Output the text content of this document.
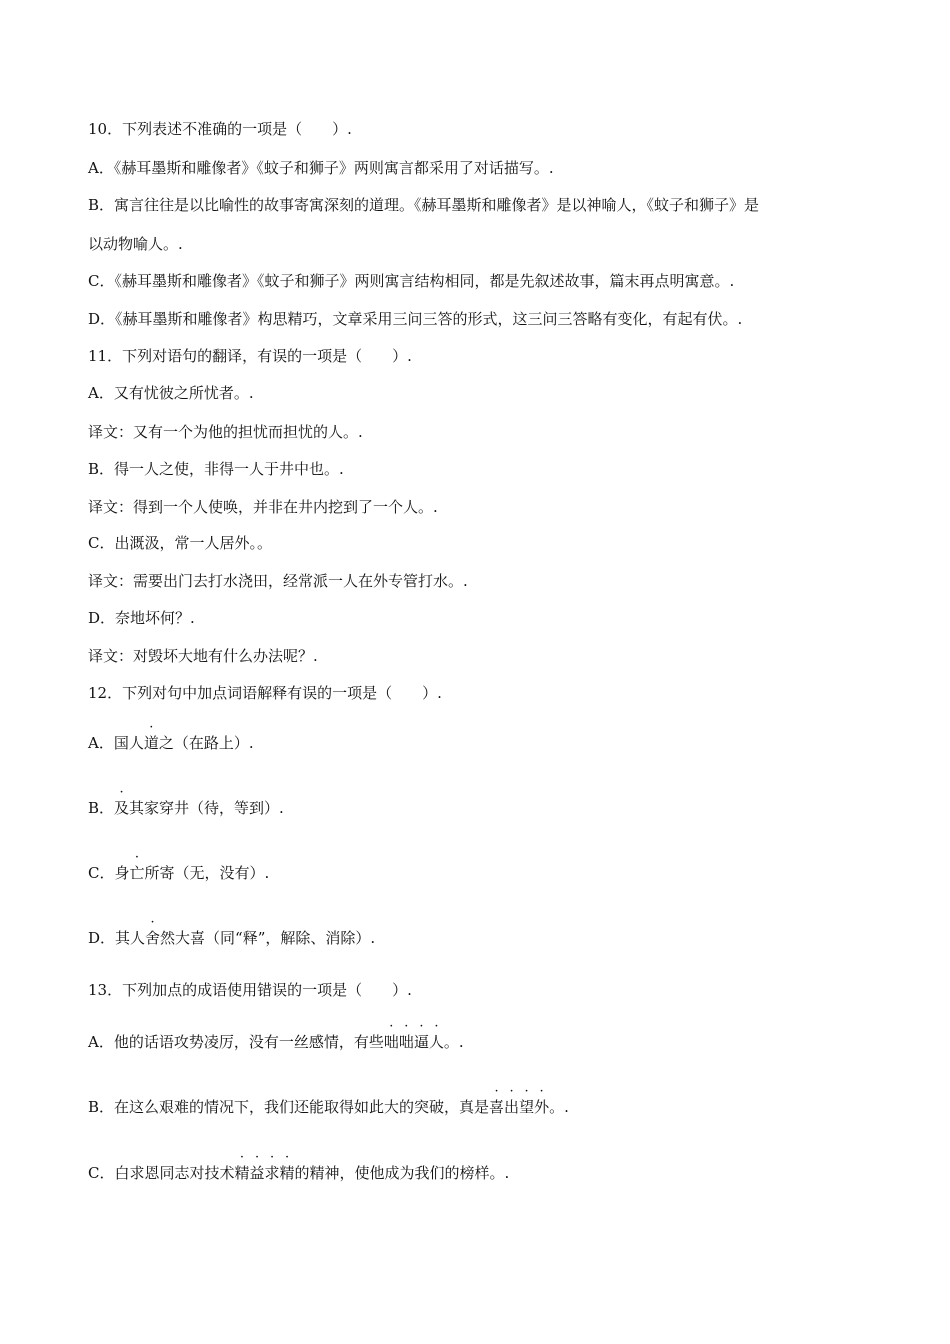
10．下列表述不准确的一项是（　　）.

A．《赫耳墨斯和雕像者》《蚊子和狮子》两则寓言都采用了对话描写。.

B．寓言往往是以比喻性的故事寄寓深刻的道理。《赫耳墨斯和雕像者》是以神喻人，《蚊子和狮子》是

以动物喻人。.

C．《赫耳墨斯和雕像者》《蚊子和狮子》两则寓言结构相同，都是先叙述故事，篇末再点明寓意。.

D．《赫耳墨斯和雕像者》构思精巧，文章采用三问三答的形式，这三问三答略有变化，有起有伏。.

11．下列对语句的翻译，有误的一项是（　　）.

A．又有忧彼之所忧者。.

译文：又有一个为他的担忧而担忧的人。.

B．得一人之使，非得一人于井中也。.

译文：得到一个人使唤，并非在井内挖到了一个人。.

C．出溉汲，常一人居外。。

译文：需要出门去打水浇田，经常派一人在外专管打水。.

D．奈地坏何？.

译文：对毁坏大地有什么办法呢？.

12．下列对句中加点词语解释有误的一项是（　　）.

A．国人道之（在路上）.

B．及其家穿井（待，等到）.

C．身亡所寄（无，没有）.

D．其人舍然大喜（同“释”，解除、消除）.

13．下列加点的成语使用错误的一项是（　　）.

A．他的话语攻势凌厉，没有一丝感情，有些咄咄逼人。.

B．在这么艰难的情况下，我们还能取得如此大的突破，真是喜出望外。.

C．白求恩同志对技术精益求精的精神，使他成为我们的榜样。.
